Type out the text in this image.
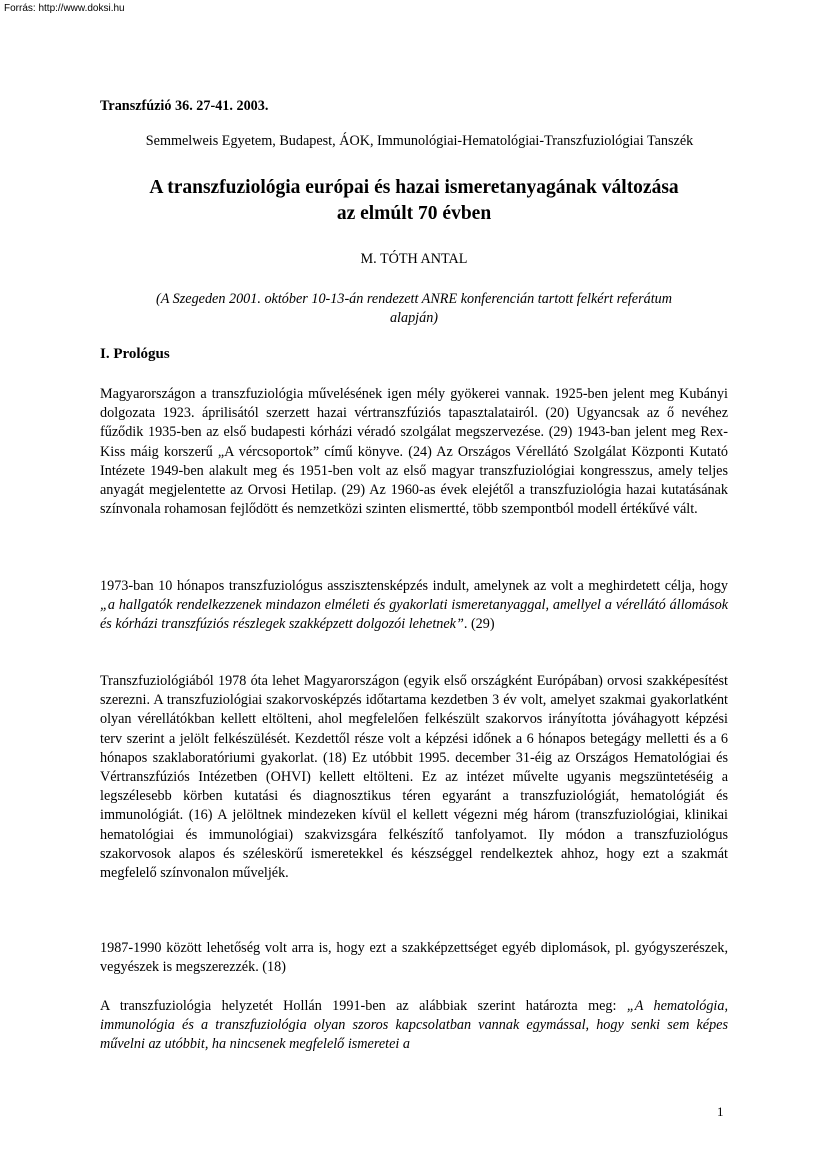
Forrás: http://www.doksi.hu
Transzfúzió 36. 27-41. 2003.
Semmelweis Egyetem, Budapest, ÁOK, Immunológiai-Hematológiai-Transzfuziológiai Tanszék
A transzfuziológia európai és hazai ismeretanyagának változása
az elmúlt 70 évben
M. TÓTH ANTAL
(A Szegeden 2001. október 10-13-án rendezett ANRE konferencián tartott felkért referátum
alapján)
I. Prológus

Magyarországon a transzfuziológia művelésének igen mély gyökerei vannak. 1925-ben jelent meg Kubányi dolgozata 1923. áprilisától szerzett hazai vértranszfúziós tapasztalatairól. (20) Ugyancsak az ő nevéhez fűződik 1935-ben az első budapesti kórházi véradó szolgálat megszervezése. (29) 1943-ban jelent meg Rex-Kiss máig korszerű „A vércsoportok” című könyve. (24) Az Országos Vérellátó Szolgálat Központi Kutató Intézete 1949-ben alakult meg és 1951-ben volt az első magyar transzfuziológiai kongresszus, amely teljes anyagát megjelentette az Orvosi Hetilap. (29) Az 1960-as évek elejétől a transzfuziológia hazai kutatásának színvonala rohamosan fejlődött és nemzetközi szinten elismertté, több szempontból modell értékűvé vált.

1973-ban 10 hónapos transzfuziológus asszisztensképzés indult, amelynek az volt a meghirdetett célja, hogy „a hallgatók rendelkezzenek mindazon elméleti és gyakorlati ismeretanyaggal, amellyel a vérellátó állomások és kórházi transzfúziós részlegek szakképzett dolgozói lehetnek”. (29)

Transzfuziológiából 1978 óta lehet Magyarországon (egyik első országként Európában) orvosi szakképesítést szerezni. A transzfuziológiai szakorvosképzés időtartama kezdetben 3 év volt, amelyet szakmai gyakorlatként olyan vérellátókban kellett eltölteni, ahol megfelelően felkészült szakorvos irányította jóváhagyott képzési terv szerint a jelölt felkészülését. Kezdettől része volt a képzési időnek a 6 hónapos betegágy melletti és a 6 hónapos szaklaboratóriumi gyakorlat. (18) Ez utóbbit 1995. december 31-éig az Országos Hematológiai és Vértranszfúziós Intézetben (OHVI) kellett eltölteni. Ez az intézet művelte ugyanis megszüntetéséig a legszélesebb körben kutatási és diagnosztikus téren egyaránt a transzfuziológiát, hematológiát és immunológiát. (16) A jelöltnek mindezeken kívül el kellett végezni még három (transzfuziológiai, klinikai hematológiai és immunológiai) szakvizsgára felkészítő tanfolyamot. Ily módon a transzfuziológus szakorvosok alapos és széleskörű ismeretekkel és készséggel rendelkeztek ahhoz, hogy ezt a szakmát megfelelő színvonalon műveljék.

1987-1990 között lehetőség volt arra is, hogy ezt a szakképzettséget egyéb diplomások, pl. gyógyszerészek, vegyészek is megszerezzék. (18)

A transzfuziológia helyzetét Hollán 1991-ben az alábbiak szerint határozta meg: „A hematológia, immunológia és a transzfuziológia olyan szoros kapcsolatban vannak egymással, hogy senki sem képes művelni az utóbbit, ha nincsenek megfelelő ismeretei a

1
